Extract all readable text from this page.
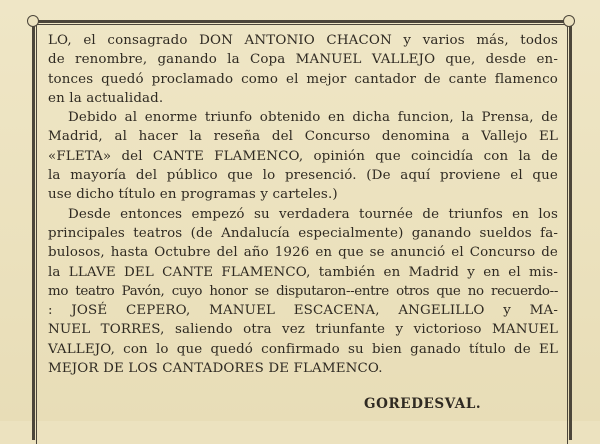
LO, el consagrado DON ANTONIO CHACON y varios más, todos
de renombre, ganando la Copa MANUEL VALLEJO que, desde en-
tonces quedó proclamado como el mejor cantador de cante flamenco
en la actualidad.
Debido al enorme triunfo obtenido en dicha funcion, la Prensa, de
Madrid, al hacer la reseña del Concurso denomina a Vallejo EL
«FLETA» del CANTE FLAMENCO, opinión que coincidía con la de
la mayoría del público que lo presenció. (De aquí proviene el que
use dicho título en programas y carteles.)
Desde entonces empezó su verdadera tournée de triunfos en los
principales teatros (de Andalucía especialmente) ganando sueldos fa-
bulosos, hasta Octubre del año 1926 en que se anunció el Concurso de
la LLAVE DEL CANTE FLAMENCO, también en Madrid y en el mis-
mo teatro Pavón, cuyo honor se disputaron--entre otros que no recuerdo--
: JOSÉ CEPERO, MANUEL ESCACENA, ANGELILLO y MA-
NUEL TORRES, saliendo otra vez triunfante y victorioso MANUEL
VALLEJO, con lo que quedó confirmado su bien ganado título de EL
MEJOR DE LOS CANTADORES DE FLAMENCO.
GOREDESVAL.
